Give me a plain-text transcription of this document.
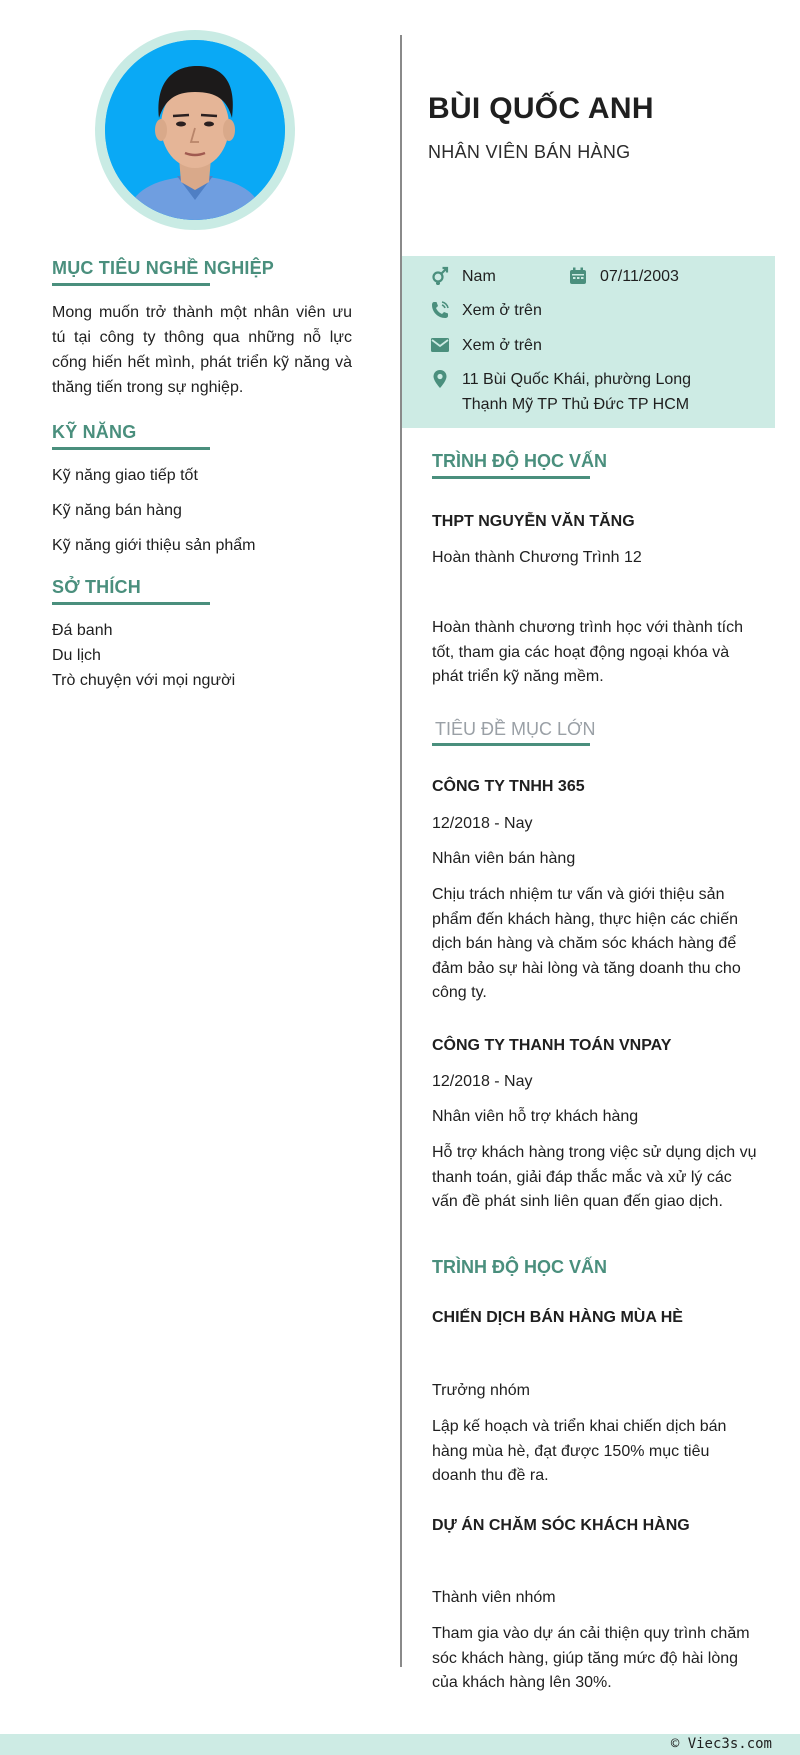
MỤC TIÊU NGHỀ NGHIỆP
Mong muốn trở thành một nhân viên ưu tú tại công ty thông qua những nỗ lực cống hiến hết mình, phát triển kỹ năng và thăng tiến trong sự nghiệp.
KỸ NĂNG
Kỹ năng giao tiếp tốt
Kỹ năng bán hàng
Kỹ năng giới thiệu sản phẩm
SỞ THÍCH
Đá banh
Du lịch
Trò chuyện với mọi người
BÙI QUỐC ANH
NHÂN VIÊN BÁN HÀNG
Nam	07/11/2003
Xem ở trên
Xem ở trên
11 Bùi Quốc Khái, phường Long
Thạnh Mỹ TP Thủ Đức TP HCM
TRÌNH ĐỘ HỌC VẤN
THPT NGUYỄN VĂN TĂNG
Hoàn thành Chương Trình 12
Hoàn thành chương trình học với thành tích tốt, tham gia các hoạt động ngoại khóa và phát triển kỹ năng mềm.
TIÊU ĐỀ MỤC LỚN
CÔNG TY TNHH 365
12/2018 - Nay
Nhân viên bán hàng
Chịu trách nhiệm tư vấn và giới thiệu sản phẩm đến khách hàng, thực hiện các chiến dịch bán hàng và chăm sóc khách hàng để đảm bảo sự hài lòng và tăng doanh thu cho công ty.
CÔNG TY THANH TOÁN VNPAY
12/2018 - Nay
Nhân viên hỗ trợ khách hàng
Hỗ trợ khách hàng trong việc sử dụng dịch vụ thanh toán, giải đáp thắc mắc và xử lý các vấn đề phát sinh liên quan đến giao dịch.
TRÌNH ĐỘ HỌC VẤN
CHIẾN DỊCH BÁN HÀNG MÙA HÈ
Trưởng nhóm
Lập kế hoạch và triển khai chiến dịch bán hàng mùa hè, đạt được 150% mục tiêu doanh thu đề ra.
DỰ ÁN CHĂM SÓC KHÁCH HÀNG
Thành viên nhóm
Tham gia vào dự án cải thiện quy trình chăm sóc khách hàng, giúp tăng mức độ hài lòng của khách hàng lên 30%.
© Viec3s.com
